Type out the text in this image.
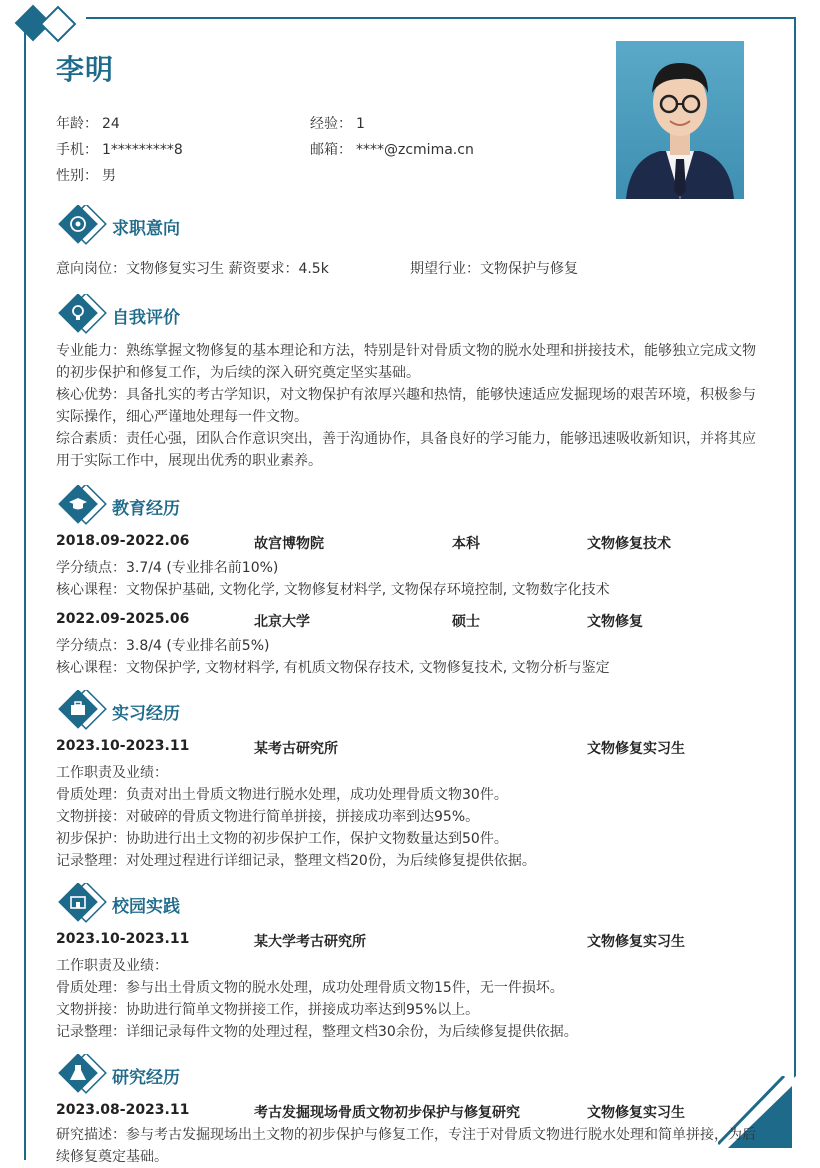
李明
年龄： 24	经验： 1
手机： 1*********8	邮箱： ****@zcmima.cn
性别： 男
求职意向
意向岗位：文物修复实习生 薪资要求：4.5k	期望行业：文物保护与修复
自我评价
专业能力：熟练掌握文物修复的基本理论和方法，特别是针对骨质文物的脱水处理和拼接技术，能够独立完成文物的初步保护和修复工作，为后续的深入研究奠定坚实基础。
核心优势：具备扎实的考古学知识，对文物保护有浓厚兴趣和热情，能够快速适应发掘现场的艰苦环境，积极参与实际操作，细心严谨地处理每一件文物。
综合素质：责任心强，团队合作意识突出，善于沟通协作，具备良好的学习能力，能够迅速吸收新知识，并将其应用于实际工作中，展现出优秀的职业素养。
教育经历
2018.09-2022.06	故宫博物院	本科	文物修复技术
学分绩点：3.7/4 (专业排名前10%)
核心课程：文物保护基础, 文物化学, 文物修复材料学, 文物保存环境控制, 文物数字化技术
2022.09-2025.06	北京大学	硕士	文物修复
学分绩点：3.8/4 (专业排名前5%)
核心课程：文物保护学, 文物材料学, 有机质文物保存技术, 文物修复技术, 文物分析与鉴定
实习经历
2023.10-2023.11	某考古研究所	文物修复实习生
工作职责及业绩：
骨质处理：负责对出土骨质文物进行脱水处理，成功处理骨质文物30件。
文物拼接：对破碎的骨质文物进行简单拼接，拼接成功率到达95%。
初步保护：协助进行出土文物的初步保护工作，保护文物数量达到50件。
记录整理：对处理过程进行详细记录，整理文档20份，为后续修复提供依据。
校园实践
2023.10-2023.11	某大学考古研究所	文物修复实习生
工作职责及业绩：
骨质处理：参与出土骨质文物的脱水处理，成功处理骨质文物15件，无一件损坏。
文物拼接：协助进行简单文物拼接工作，拼接成功率达到95%以上。
记录整理：详细记录每件文物的处理过程，整理文档30余份，为后续修复提供依据。
研究经历
2023.08-2023.11	考古发掘现场骨质文物初步保护与修复研究	文物修复实习生
研究描述：参与考古发掘现场出土文物的初步保护与修复工作，专注于对骨质文物进行脱水处理和简单拼接，为后续修复奠定基础。
